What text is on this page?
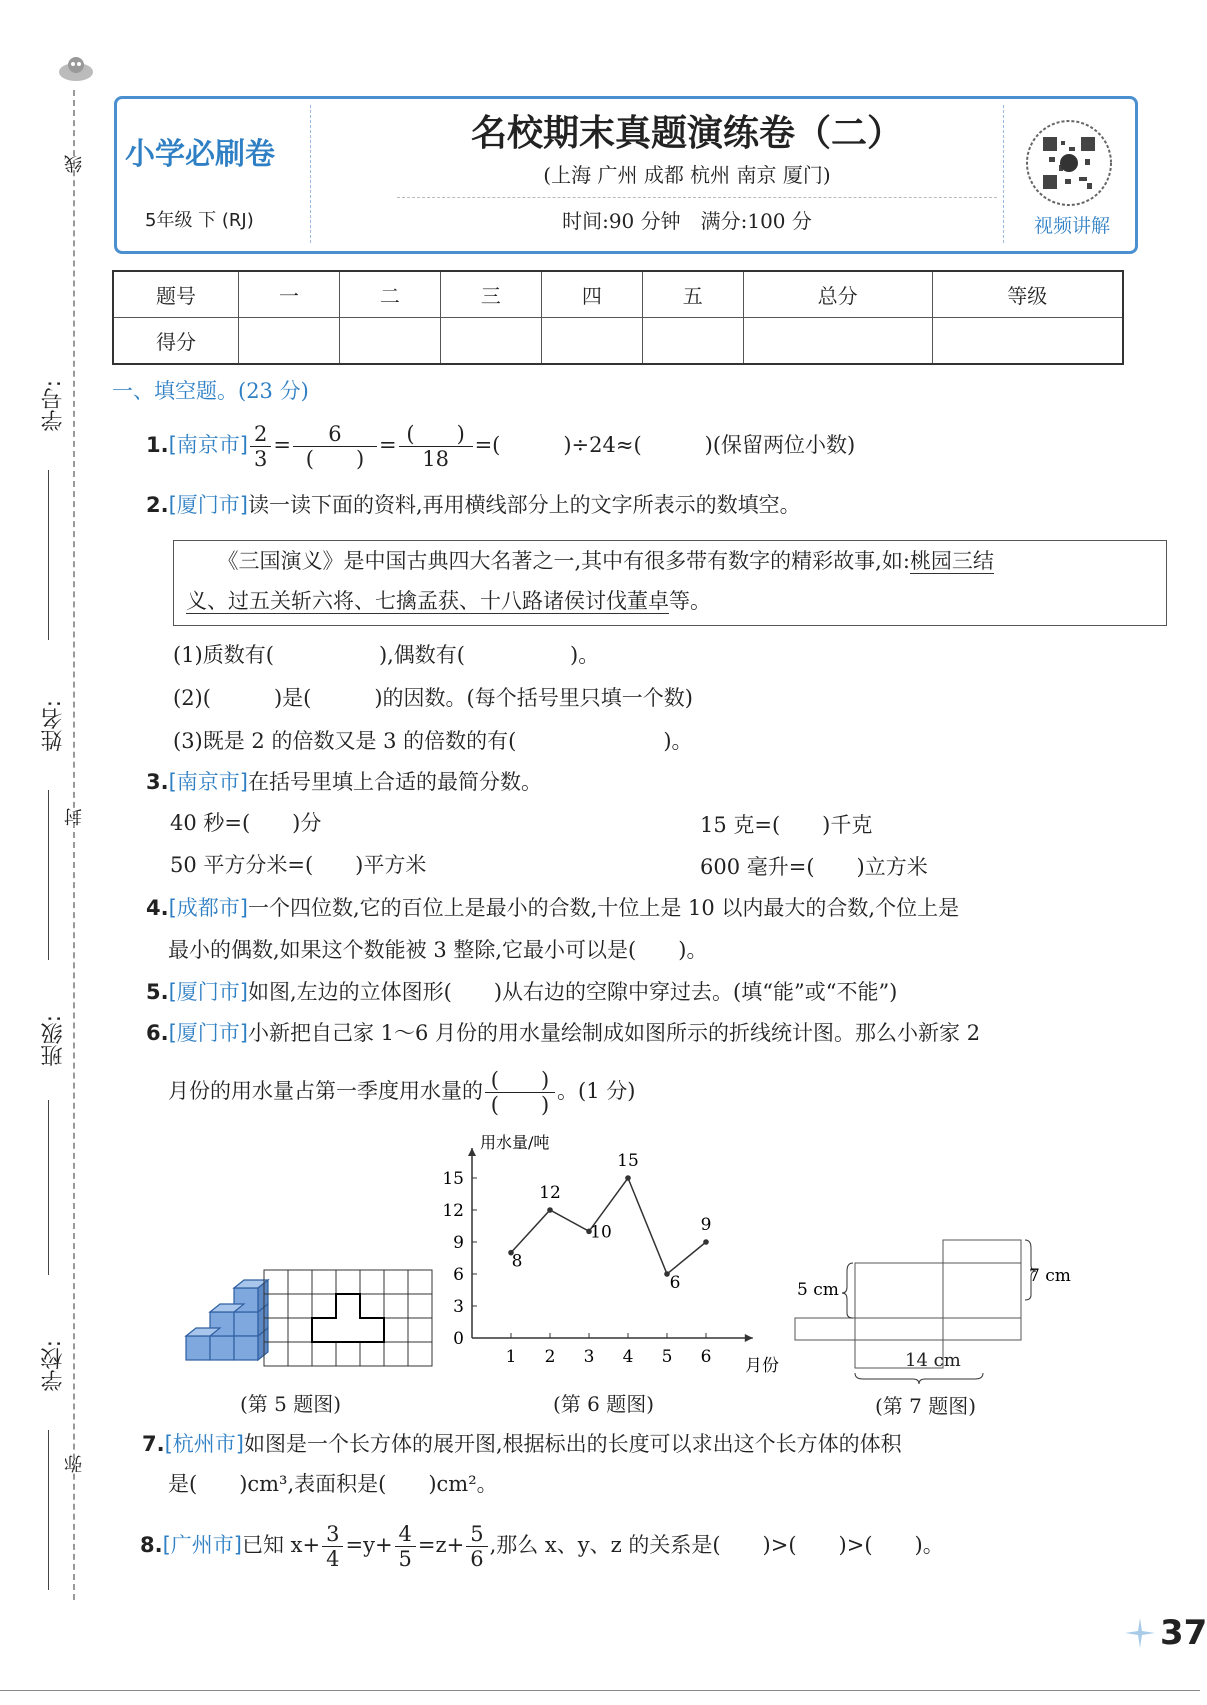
线
封
弥
学号:
姓名:
班级:
学校:
小学必刷卷
5年级 下 (RJ)
名校期末真题演练卷（二）
(上海 广州 成都 杭州 南京 厦门)
时间:90 分钟　满分:100 分	视频讲解
题号	一	二	三	四	五	总分	等级
得分							
一、填空题。(23 分)
1.[南京市] $\frac{2}{3} = \frac{6}{( )} = \frac{( )}{18}$ =(　　　)÷24≈(　　　)(保留两位小数)
2.[厦门市]读一读下面的资料,再用横线部分上的文字所表示的数填空。

　　《三国演义》是中国古典四大名著之一,其中有很多带有数字的精彩故事,如:桃园三结

义、过五关斩六将、七擒孟获、十八路诸侯讨伐董卓等。

(1)质数有(　　　　　),偶数有(　　　　　)。
(2)(　　　)是(　　　)的因数。(每个括号里只填一个数)
(3)既是 2 的倍数又是 3 的倍数的有(　　　　　　　)。
3.[南京市]在括号里填上合适的最简分数。
40 秒=(　　)分	15 克=(　　)千克
50 平方分米=(　　)平方米	600 毫升=(　　)立方米
4.[成都市]一个四位数,它的百位上是最小的合数,十位上是 10 以内最大的合数,个位上是
最小的偶数,如果这个数能被 3 整除,它最小可以是(　　)。
5.[厦门市]如图,左边的立体图形(　　)从右边的空隙中穿过去。(填“能”或“不能”)
6.[厦门市]小新把自己家 1～6 月份的用水量绘制成如图所示的折线统计图。那么小新家 2
月份的用水量占第一季度用水量的 $\frac{( )}{( )}$ 。(1 分)
(第 5 题图)
用水量/吨
月份
0
3
6
9
12
15
1 2 3 4 5 6
8
12
10
15
6
9
(第 6 题图)
5 cm
7 cm
14 cm
(第 7 题图)
7.[杭州市]如图是一个长方体的展开图,根据标出的长度可以求出这个长方体的体积
是(　　)cm³,表面积是(　　)cm²。
8.[广州市]已知 $x+ \frac{3}{4} =y+ \frac{4}{5} =z+ \frac{5}{6}$ ,那么 x、y、z 的关系是(　　)>(　　)>(　　)。
37
